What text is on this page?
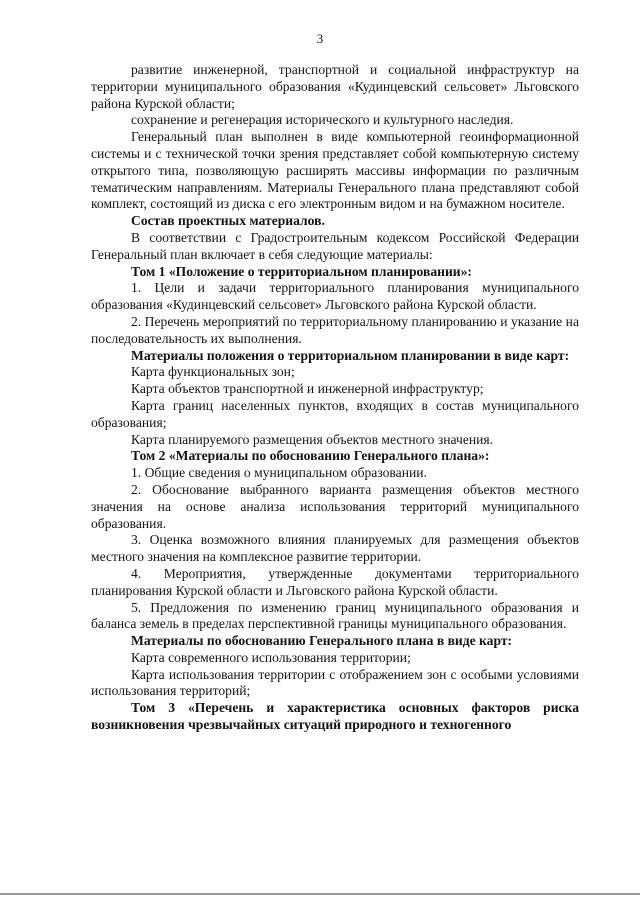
3

развитие инженерной, транспортной и социальной инфраструктур на территории муниципального образования «Кудинцевский сельсовет» Льговского района Курской области;

сохранение и регенерация исторического и культурного наследия.

Генеральный план выполнен в виде компьютерной геоинформационной системы и с технической точки зрения представляет собой компьютерную систему открытого типа, позволяющую расширять массивы информации по различным тематическим направлениям. Материалы Генерального плана представляют собой комплект, состоящий из диска с его электронным видом и на бумажном носителе.

Состав проектных материалов.

В соответствии с Градостроительным кодексом Российской Федерации Генеральный план включает в себя следующие материалы:

Том 1 «Положение о территориальном планировании»:

1. Цели и задачи территориального планирования муниципального образования «Кудинцевский сельсовет» Льговского района Курской области.

2. Перечень мероприятий по территориальному планированию и указание на последовательность их выполнения.

Материалы положения о территориальном планировании в виде карт:

Карта функциональных зон;

Карта объектов транспортной и инженерной инфраструктур;

Карта границ населенных пунктов, входящих в состав муниципального образования;

Карта планируемого размещения объектов местного значения.

Том 2 «Материалы по обоснованию Генерального плана»:

1. Общие сведения о муниципальном образовании.

2. Обоснование выбранного варианта размещения объектов местного значения на основе анализа использования территорий муниципального образования.

3. Оценка возможного влияния планируемых для размещения объектов местного значения на комплексное развитие территории.

4. Мероприятия, утвержденные документами территориального планирования Курской области и Льговского района Курской области.

5. Предложения по изменению границ муниципального образования и баланса земель в пределах перспективной границы муниципального образования.

Материалы по обоснованию Генерального плана в виде карт:

Карта современного использования территории;

Карта использования территории с отображением зон с особыми условиями использования территорий;

Том 3 «Перечень и характеристика основных факторов риска возникновения чрезвычайных ситуаций природного и техногенного
